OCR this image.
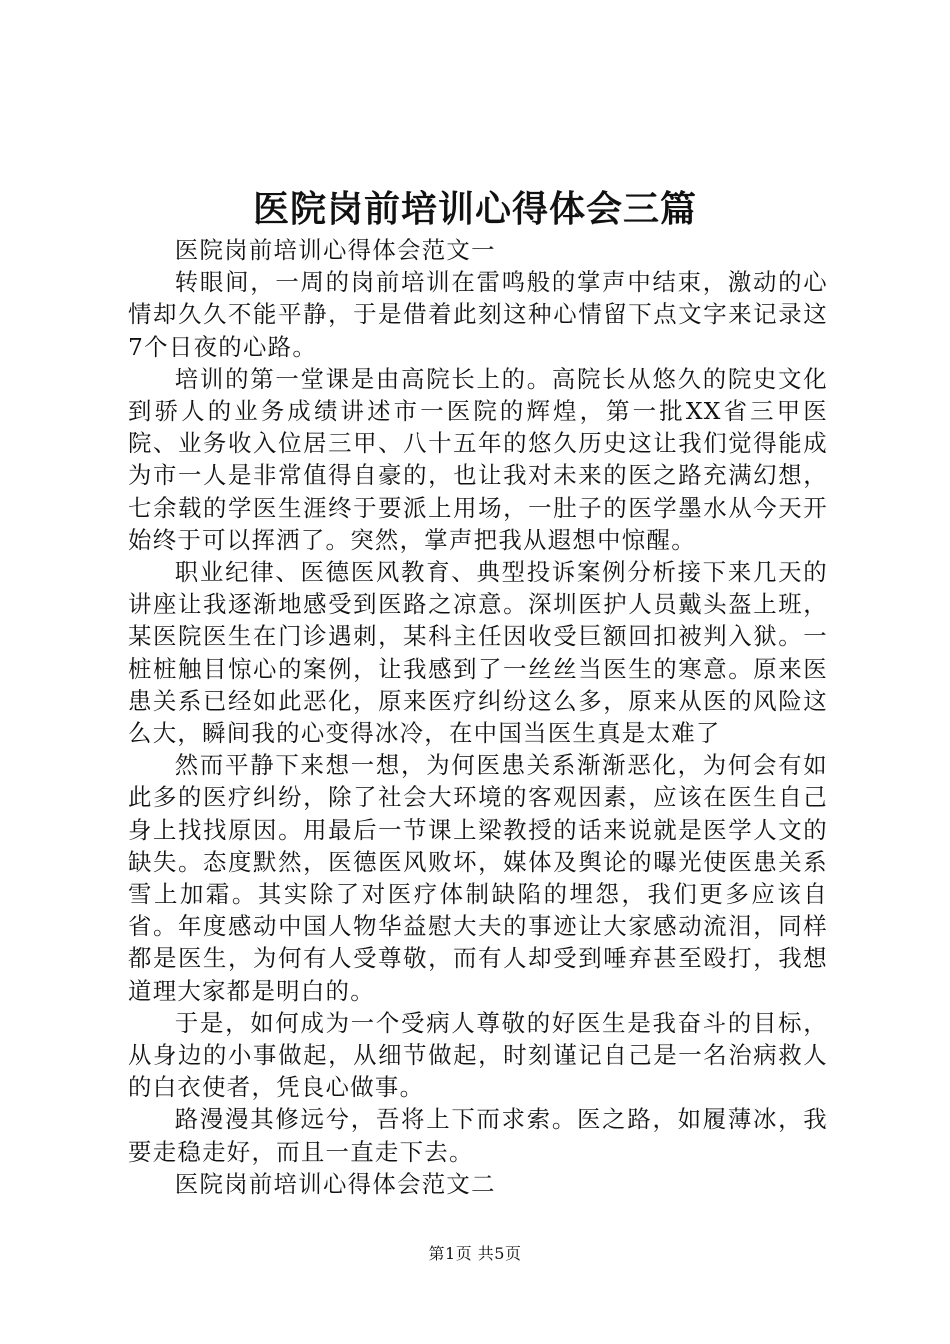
医院岗前培训心得体会三篇

医院岗前培训心得体会范文一

转眼间，一周的岗前培训在雷鸣般的掌声中结束，激动的心情却久久不能平静，于是借着此刻这种心情留下点文字来记录这7个日夜的心路。

培训的第一堂课是由高院长上的。高院长从悠久的院史文化到骄人的业务成绩讲述市一医院的辉煌，第一批XX省三甲医院、业务收入位居三甲、八十五年的悠久历史这让我们觉得能成为市一人是非常值得自豪的，也让我对未来的医之路充满幻想，七余载的学医生涯终于要派上用场，一肚子的医学墨水从今天开始终于可以挥洒了。突然，掌声把我从遐想中惊醒。

职业纪律、医德医风教育、典型投诉案例分析接下来几天的讲座让我逐渐地感受到医路之凉意。深圳医护人员戴头盔上班，某医院医生在门诊遇刺，某科主任因收受巨额回扣被判入狱。一桩桩触目惊心的案例，让我感到了一丝丝当医生的寒意。原来医患关系已经如此恶化，原来医疗纠纷这么多，原来从医的风险这么大，瞬间我的心变得冰冷，在中国当医生真是太难了

然而平静下来想一想，为何医患关系渐渐恶化，为何会有如此多的医疗纠纷，除了社会大环境的客观因素，应该在医生自己身上找找原因。用最后一节课上梁教授的话来说就是医学人文的缺失。态度默然，医德医风败坏，媒体及舆论的曝光使医患关系雪上加霜。其实除了对医疗体制缺陷的埋怨，我们更多应该自省。年度感动中国人物华益慰大夫的事迹让大家感动流泪，同样都是医生，为何有人受尊敬，而有人却受到唾弃甚至殴打，我想道理大家都是明白的。

于是，如何成为一个受病人尊敬的好医生是我奋斗的目标，从身边的小事做起，从细节做起，时刻谨记自己是一名治病救人的白衣使者，凭良心做事。

路漫漫其修远兮，吾将上下而求索。医之路，如履薄冰，我要走稳走好，而且一直走下去。

医院岗前培训心得体会范文二

第1页 共5页
